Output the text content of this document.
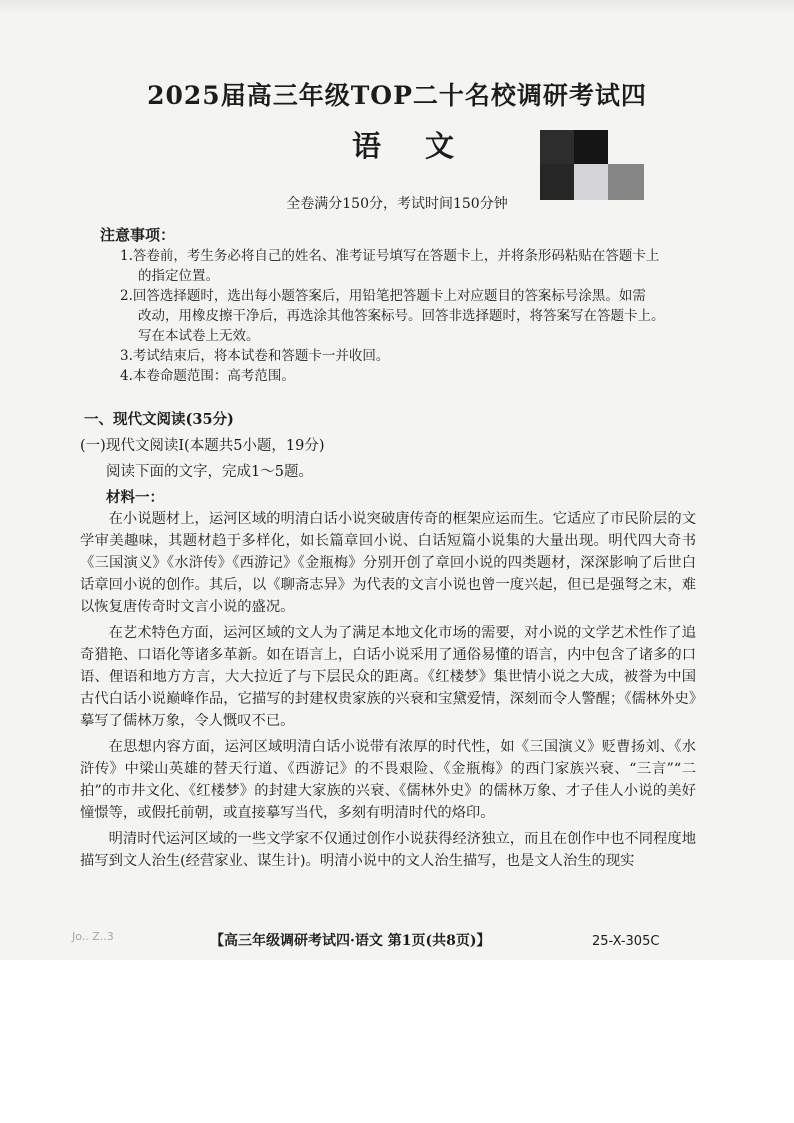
2025届高三年级TOP二十名校调研考试四
语文
全卷满分150分，考试时间150分钟
注意事项：
1.答卷前，考生务必将自己的姓名、准考证号填写在答题卡上，并将条形码粘贴在答题卡上
的指定位置。
2.回答选择题时，选出每小题答案后，用铅笔把答题卡上对应题目的答案标号涂黑。如需
改动，用橡皮擦干净后，再选涂其他答案标号。回答非选择题时，将答案写在答题卡上。
写在本试卷上无效。
3.考试结束后，将本试卷和答题卡一并收回。
4.本卷命题范围：高考范围。
一、现代文阅读(35分)
(一)现代文阅读Ⅰ(本题共5小题，19分)
阅读下面的文字，完成1～5题。
材料一：

在小说题材上，运河区域的明清白话小说突破唐传奇的框架应运而生。它适应了市民阶层的文学审美趣味，其题材趋于多样化，如长篇章回小说、白话短篇小说集的大量出现。明代四大奇书《三国演义》《水浒传》《西游记》《金瓶梅》分别开创了章回小说的四类题材，深深影响了后世白话章回小说的创作。其后，以《聊斋志异》为代表的文言小说也曾一度兴起，但已是强弩之末，难以恢复唐传奇时文言小说的盛况。

在艺术特色方面，运河区域的文人为了满足本地文化市场的需要，对小说的文学艺术性作了追奇猎艳、口语化等诸多革新。如在语言上，白话小说采用了通俗易懂的语言，内中包含了诸多的口语、俚语和地方方言，大大拉近了与下层民众的距离。《红楼梦》集世情小说之大成，被誉为中国古代白话小说巅峰作品，它描写的封建权贵家族的兴衰和宝黛爱情，深刻而令人警醒；《儒林外史》摹写了儒林万象，令人慨叹不已。

在思想内容方面，运河区域明清白话小说带有浓厚的时代性，如《三国演义》贬曹扬刘、《水浒传》中梁山英雄的替天行道、《西游记》的不畏艰险、《金瓶梅》的西门家族兴衰、“三言”“二拍”的市井文化、《红楼梦》的封建大家族的兴衰、《儒林外史》的儒林万象、才子佳人小说的美好憧憬等，或假托前朝，或直接摹写当代，多刻有明清时代的烙印。

明清时代运河区域的一些文学家不仅通过创作小说获得经济独立，而且在创作中也不同程度地描写到文人治生(经营家业、谋生计)。明清小说中的文人治生描写，也是文人治生的现实

Jo.. Z..3	【高三年级调研考试四·语文 第1页(共8页)】	25-X-305C
